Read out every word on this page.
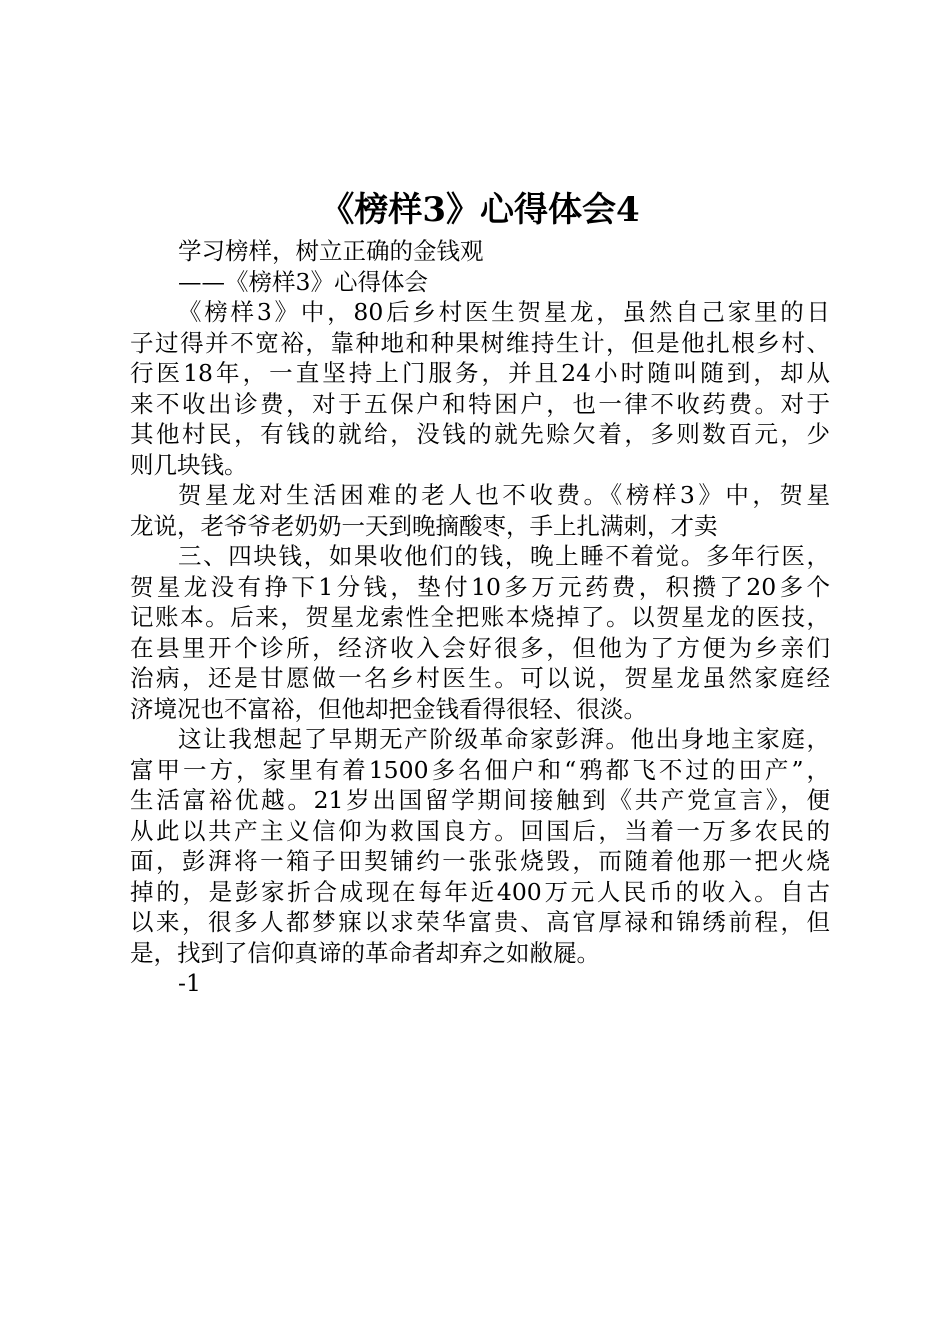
《榜样3》心得体会4

学习榜样，树立正确的金钱观

——《榜样3》心得体会

《榜样3》中，80后乡村医生贺星龙，虽然自己家里的日

子过得并不宽裕，靠种地和种果树维持生计，但是他扎根乡村、

行医18年，一直坚持上门服务，并且24小时随叫随到，却从

来不收出诊费，对于五保户和特困户，也一律不收药费。对于

其他村民，有钱的就给，没钱的就先赊欠着，多则数百元，少

则几块钱。

贺星龙对生活困难的老人也不收费。《榜样3》中，贺星

龙说，老爷爷老奶奶一天到晚摘酸枣，手上扎满刺，才卖

三、四块钱，如果收他们的钱，晚上睡不着觉。多年行医，

贺星龙没有挣下1分钱，垫付10多万元药费，积攒了20多个

记账本。后来，贺星龙索性全把账本烧掉了。以贺星龙的医技，

在县里开个诊所，经济收入会好很多，但他为了方便为乡亲们

治病，还是甘愿做一名乡村医生。可以说，贺星龙虽然家庭经

济境况也不富裕，但他却把金钱看得很轻、很淡。

这让我想起了早期无产阶级革命家彭湃。他出身地主家庭，

富甲一方，家里有着1500多名佃户和“鸦都飞不过的田产”，

生活富裕优越。21岁出国留学期间接触到《共产党宣言》，便

从此以共产主义信仰为救国良方。回国后，当着一万多农民的

面，彭湃将一箱子田契铺约一张张烧毁，而随着他那一把火烧

掉的，是彭家折合成现在每年近400万元人民币的收入。自古

以来，很多人都梦寐以求荣华富贵、高官厚禄和锦绣前程，但

是，找到了信仰真谛的革命者却弃之如敝屣。

-1
